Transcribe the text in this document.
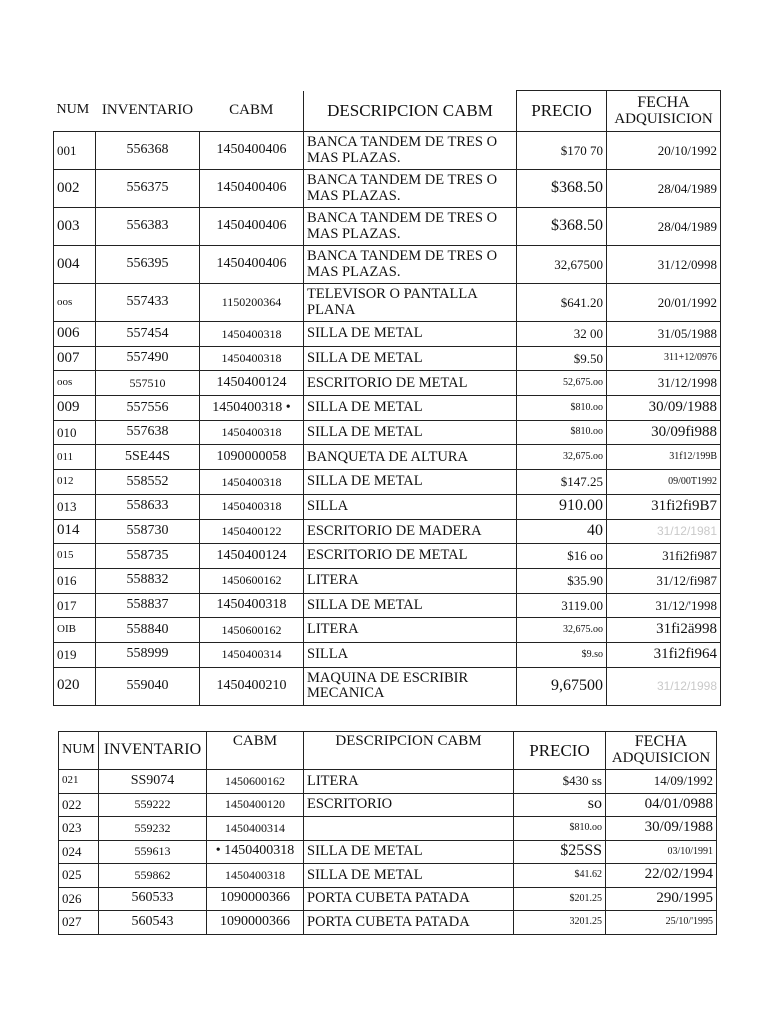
NUM	INVENTARIO	CABM	DESCRIPCION CABM	PRECIO	FECHA
ADQUISICION

001	556368	1450400406	BANCA TANDEM DE TRES O MAS PLAZAS.	$170 70	20/10/1992
002	556375	1450400406	BANCA TANDEM DE TRES O MAS PLAZAS.	$368.50	28/04/1989
003	556383	1450400406	BANCA TANDEM DE TRES O MAS PLAZAS.	$368.50	28/04/1989
004	556395	1450400406	BANCA TANDEM DE TRES O MAS PLAZAS.	32,67500	31/12/0998
oos	557433	1150200364	TELEVISOR O PANTALLA PLANA	$641.20	20/01/1992
006	557454	1450400318	SILLA DE METAL	32 00	31/05/1988
007	557490	1450400318	SILLA DE METAL	$9.50	311+12/0976
oos	557510	1450400124	ESCRITORIO DE METAL	52,675.oo	31/12/1998
009	557556	1450400318 •	SILLA DE METAL	$810.oo	30/09/1988
010	557638	1450400318	SILLA DE METAL	$810.oo	30/09fi988
011	5SE44S	1090000058	BANQUETA DE ALTURA	32,675.oo	31f12/199B
012	558552	1450400318	SILLA DE METAL	$147.25	09/00T1992
013	558633	1450400318	SILLA	910.00	31fi2fi9B7
014	558730	1450400122	ESCRITORIO DE MADERA	40	31/12/1981
015	558735	1450400124	ESCRITORIO DE METAL	$16 oo	31fi2fi987
016	558832	1450600162	LITERA	$35.90	31/12/fi987
017	558837	1450400318	SILLA DE METAL	3119.00	31/12/'1998
OIB	558840	1450600162	LITERA	32,675.oo	31fi2ä998
019	558999	1450400314	SILLA	$9.so	31fi2fi964
020	559040	1450400210	MAQUINA DE ESCRIBIR MECANICA	9,67500	31/12/1998
NUM	INVENTARIO	CABM	DESCRIPCION CABM	PRECIO	FECHA
ADQUISICION

021	SS9074	1450600162	LITERA	$430 ss	14/09/1992
022	559222	1450400120	ESCRITORIO	so	04/01/0988
023	559232	1450400314		$810.oo	30/09/1988
024	559613	• 1450400318	SILLA DE METAL	$25SS	03/10/1991
025	559862	1450400318	SILLA DE METAL	$41.62	22/02/1994
026	560533	1090000366	PORTA CUBETA PATADA	$201.25	290/1995
027	560543	1090000366	PORTA CUBETA PATADA	3201.25	25/10/'1995
